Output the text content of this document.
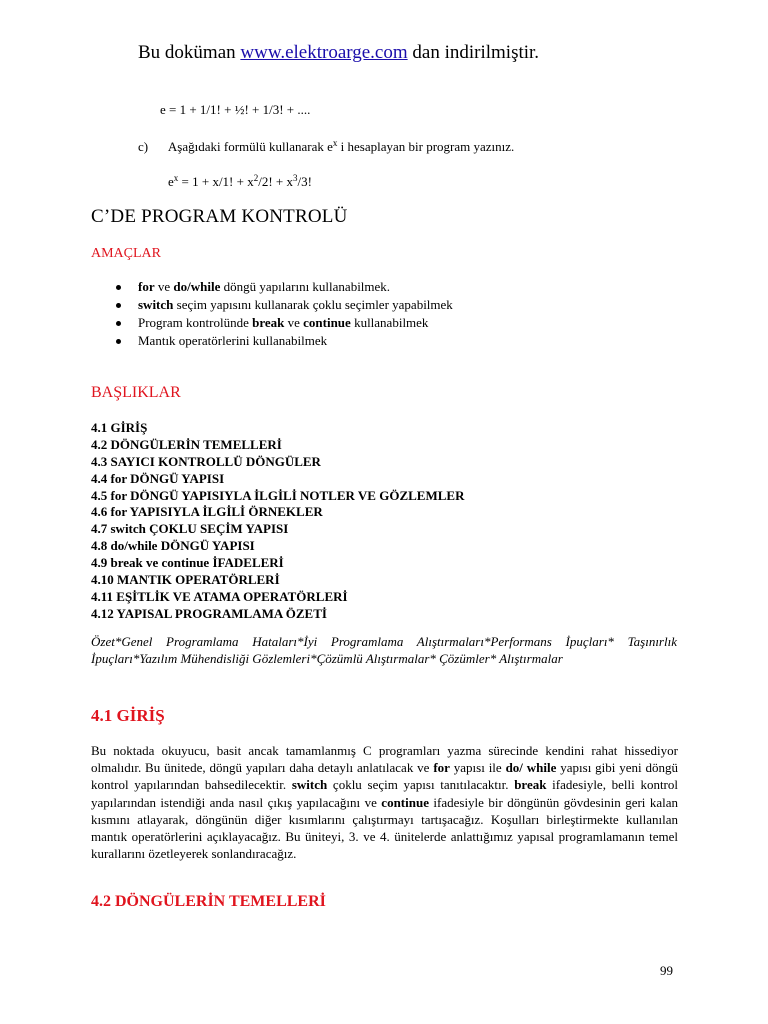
Bu doküman www.elektroarge.com dan indirilmiştir.
e = 1 + 1/1! + ½! + 1/3! + ....
c) Aşağıdaki formülü kullanarak $e^x$ i hesaplayan bir program yazınız.
$e^x = 1 + x/1$! + $x^2/2$! + $x^3/3$!
C’DE PROGRAM KONTROLÜ
AMAÇLAR
for ve do/while döngü yapılarını kullanabilmek.
switch seçim yapısını kullanarak çoklu seçimler yapabilmek
Program kontrolünde break ve continue kullanabilmek
Mantık operatörlerini kullanabilmek
BAŞLIKLAR
4.1 GİRİŞ
4.2 DÖNGÜLERİN TEMELLERİ
4.3 SAYICI KONTROLLÜ DÖNGÜLER
4.4 for DÖNGÜ YAPISI
4.5 for DÖNGÜ YAPISIYLA İLGİLİ NOTLER VE GÖZLEMLER
4.6 for YAPISIYLA İLGİLİ ÖRNEKLER
4.7 switch ÇOKLU SEÇİM YAPISI
4.8 do/while DÖNGÜ YAPISI
4.9 break ve continue İFADELERİ
4.10 MANTIK OPERATÖRLERİ
4.11 EŞİTLİK VE ATAMA OPERATÖRLERİ
4.12 YAPISAL PROGRAMLAMA ÖZETİ
Özet*Genel Programlama Hataları*İyi Programlama Alıştırmaları*Performans İpuçları* Taşınırlık İpuçları*Yazılım Mühendisliği Gözlemleri*Çözümlü Alıştırmalar* Çözümler* Alıştırmalar
4.1 GİRİŞ
Bu noktada okuyucu, basit ancak tamamlanmış C programları yazma sürecinde kendini rahat hissediyor olmalıdır. Bu ünitede, döngü yapıları daha detaylı anlatılacak ve for yapısı ile do/ while yapısı gibi yeni döngü kontrol yapılarından bahsedilecektir. switch çoklu seçim yapısı tanıtılacaktır. break ifadesiyle, belli kontrol yapılarından istendiği anda nasıl çıkış yapılacağını ve continue ifadesiyle bir döngünün gövdesinin geri kalan kısmını atlayarak, döngünün diğer kısımlarını çalıştırmayı tartışacağız. Koşulları birleştirmekte kullanılan mantık operatörlerini açıklayacağız. Bu üniteyi, 3. ve 4. ünitelerde anlattığımız yapısal programlamanın temel kurallarını özetleyerek sonlandıracağız.
4.2 DÖNGÜLERİN TEMELLERİ
99
